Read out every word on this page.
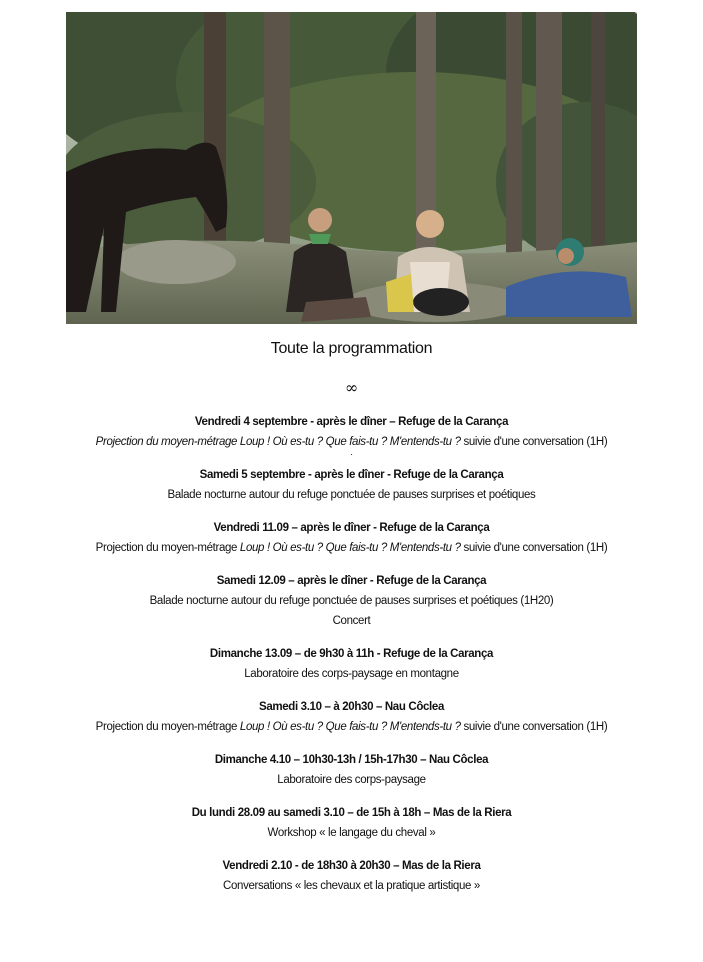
Toute la programmation
∞
Vendredi 4 septembre - après le dîner – Refuge de la Carança
Projection du moyen-métrage Loup ! Où es-tu ? Que fais-tu ? M'entends-tu ? suivie d'une conversation (1H)
.
Samedi 5 septembre - après le dîner - Refuge de la Carança
Balade nocturne autour du refuge ponctuée de pauses surprises et poétiques
Vendredi 11.09 – après le dîner - Refuge de la Carança
Projection du moyen-métrage Loup ! Où es-tu ? Que fais-tu ? M'entends-tu ? suivie d'une conversation (1H)
Samedi 12.09 – après le dîner - Refuge de la Carança
Balade nocturne autour du refuge ponctuée de pauses surprises et poétiques (1H20)
Concert
Dimanche 13.09 – de 9h30 à 11h - Refuge de la Carança
Laboratoire des corps-paysage en montagne
Samedi 3.10 – à 20h30 – Nau Côclea
Projection du moyen-métrage Loup ! Où es-tu ? Que fais-tu ? M'entends-tu ? suivie d'une conversation (1H)
Dimanche 4.10 – 10h30-13h / 15h-17h30 – Nau Côclea
Laboratoire des corps-paysage
Du lundi 28.09 au samedi 3.10 – de 15h à 18h – Mas de la Riera
Workshop « le langage du cheval »
Vendredi 2.10 - de 18h30 à 20h30 – Mas de la Riera
Conversations « les chevaux et la pratique artistique »
